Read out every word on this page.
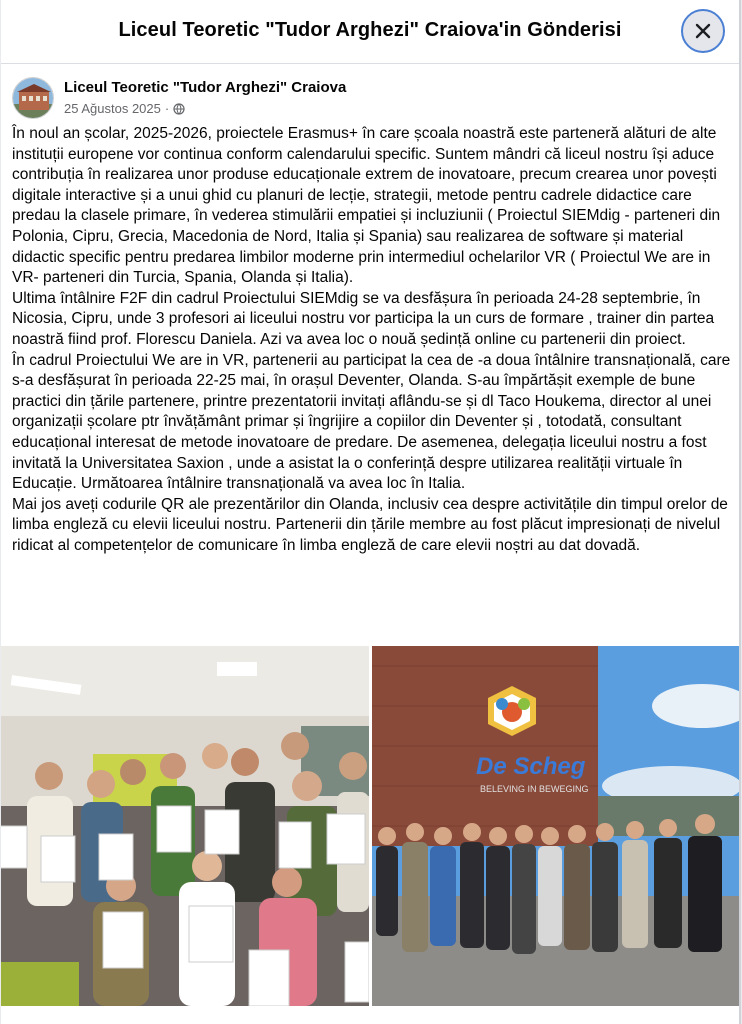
Liceul Teoretic "Tudor Arghezi" Craiova'in Gönderisi
Liceul Teoretic "Tudor Arghezi" Craiova
25 Ağustos 2025 ·

În noul an școlar, 2025-2026, proiectele Erasmus+ în care școala noastră este parteneră alături de alte instituții europene vor continua conform calendarului specific. Suntem mândri că liceul nostru își aduce contribuția în realizarea unor produse educaționale extrem de inovatoare, precum crearea unor povești digitale interactive și a unui ghid cu planuri de lecție, strategii, metode pentru cadrele didactice care predau la clasele primare, în vederea stimulării empatiei și incluziunii ( Proiectul SIEMdig - parteneri din Polonia, Cipru, Grecia, Macedonia de Nord, Italia și Spania) sau realizarea de software și material didactic specific pentru predarea limbilor moderne prin intermediul ochelarilor VR ( Proiectul We are in VR- parteneri din Turcia, Spania, Olanda și Italia).

Ultima întâlnire F2F din cadrul Proiectului SIEMdig se va desfășura în perioada 24-28 septembrie, în Nicosia, Cipru, unde 3 profesori ai liceului nostru vor participa la un curs de formare , trainer din partea noastră fiind prof. Florescu Daniela. Azi va avea loc o nouă ședință online cu partenerii din proiect.

În cadrul Proiectului We are in VR, partenerii au participat la cea de -a doua întâlnire transnațională, care s-a desfășurat în perioada 22-25 mai, în orașul Deventer, Olanda. S-au împărtășit exemple de bune practici din țările partenere, printre prezentatorii invitați aflându-se și dl Taco Houkema, director al unei organizații școlare ptr învățământ primar și îngrijire a copiilor din Deventer și , totodată, consultant educațional interesat de metode inovatoare de predare. De asemenea, delegația liceului nostru a fost invitată la Universitatea Saxion , unde a asistat la o conferință despre utilizarea realității virtuale în Educație. Următoarea întâlnire transnațională va avea loc în Italia.

Mai jos aveți codurile QR ale prezentărilor din Olanda, inclusiv cea despre activitățile din timpul orelor de limba engleză cu elevii liceului nostru. Partenerii din țările membre au fost plăcut impresionați de nivelul ridicat al competențelor de comunicare în limba engleză de care elevii noștri au dat dovadă.

De Scheg
BELEVING IN BEWEGING
